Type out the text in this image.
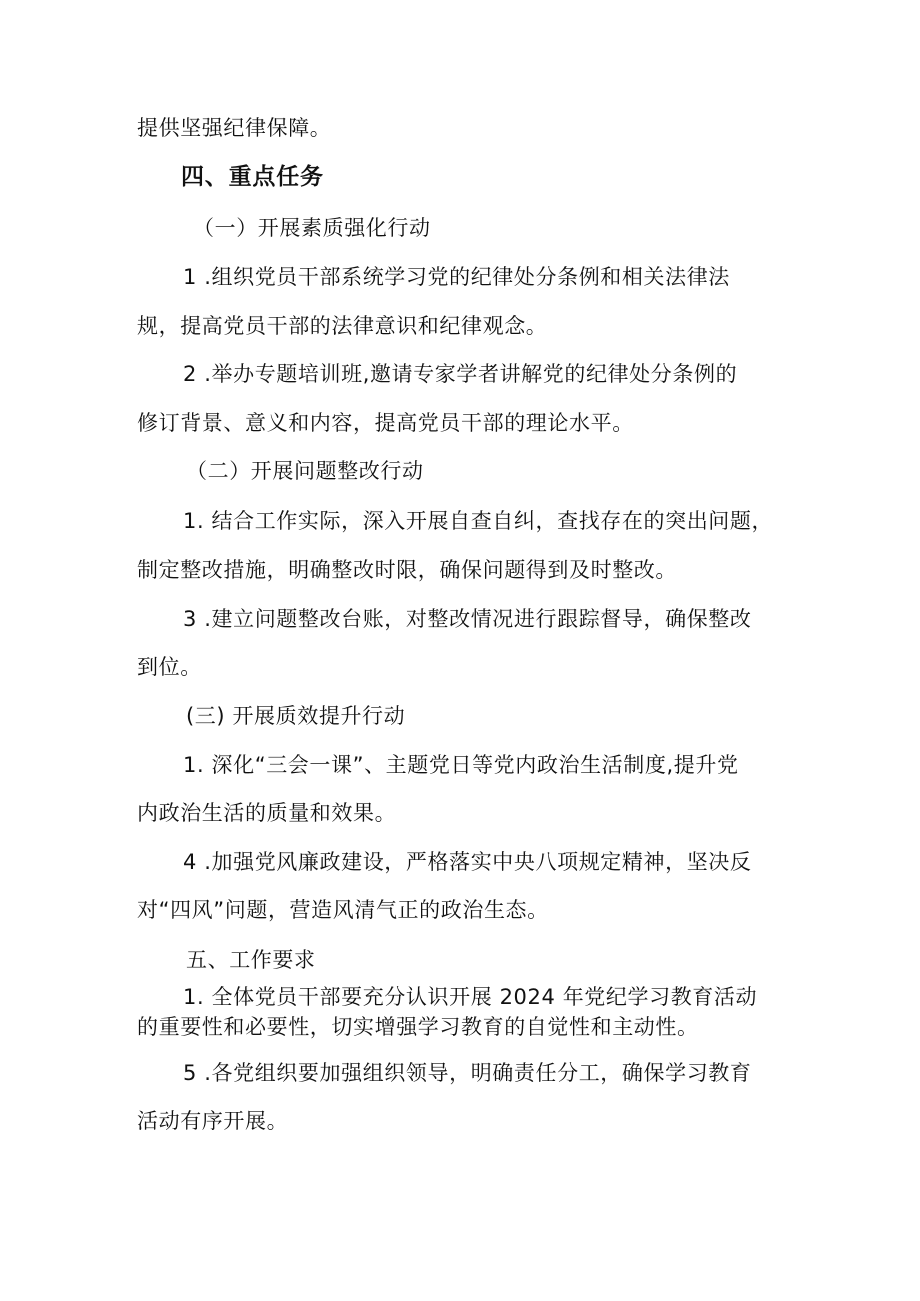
提供坚强纪律保障。
四、重点任务
（一）开展素质强化行动
1 .组织党员干部系统学习党的纪律处分条例和相关法律法
规，提高党员干部的法律意识和纪律观念。
2 .举办专题培训班,邀请专家学者讲解党的纪律处分条例的
修订背景、意义和内容，提高党员干部的理论水平。
（二）开展问题整改行动
1. 结合工作实际，深入开展自查自纠，查找存在的突出问题，
制定整改措施，明确整改时限，确保问题得到及时整改。
3 .建立问题整改台账，对整改情况进行跟踪督导，确保整改
到位。
(三) 开展质效提升行动
1. 深化“三会一课”、主题党日等党内政治生活制度,提升党
内政治生活的质量和效果。
4 .加强党风廉政建设，严格落实中央八项规定精神，坚决反
对“四风”问题，营造风清气正的政治生态。
五、工作要求
1. 全体党员干部要充分认识开展 2024 年党纪学习教育活动
的重要性和必要性，切实增强学习教育的自觉性和主动性。
5 .各党组织要加强组织领导，明确责任分工，确保学习教育
活动有序开展。
